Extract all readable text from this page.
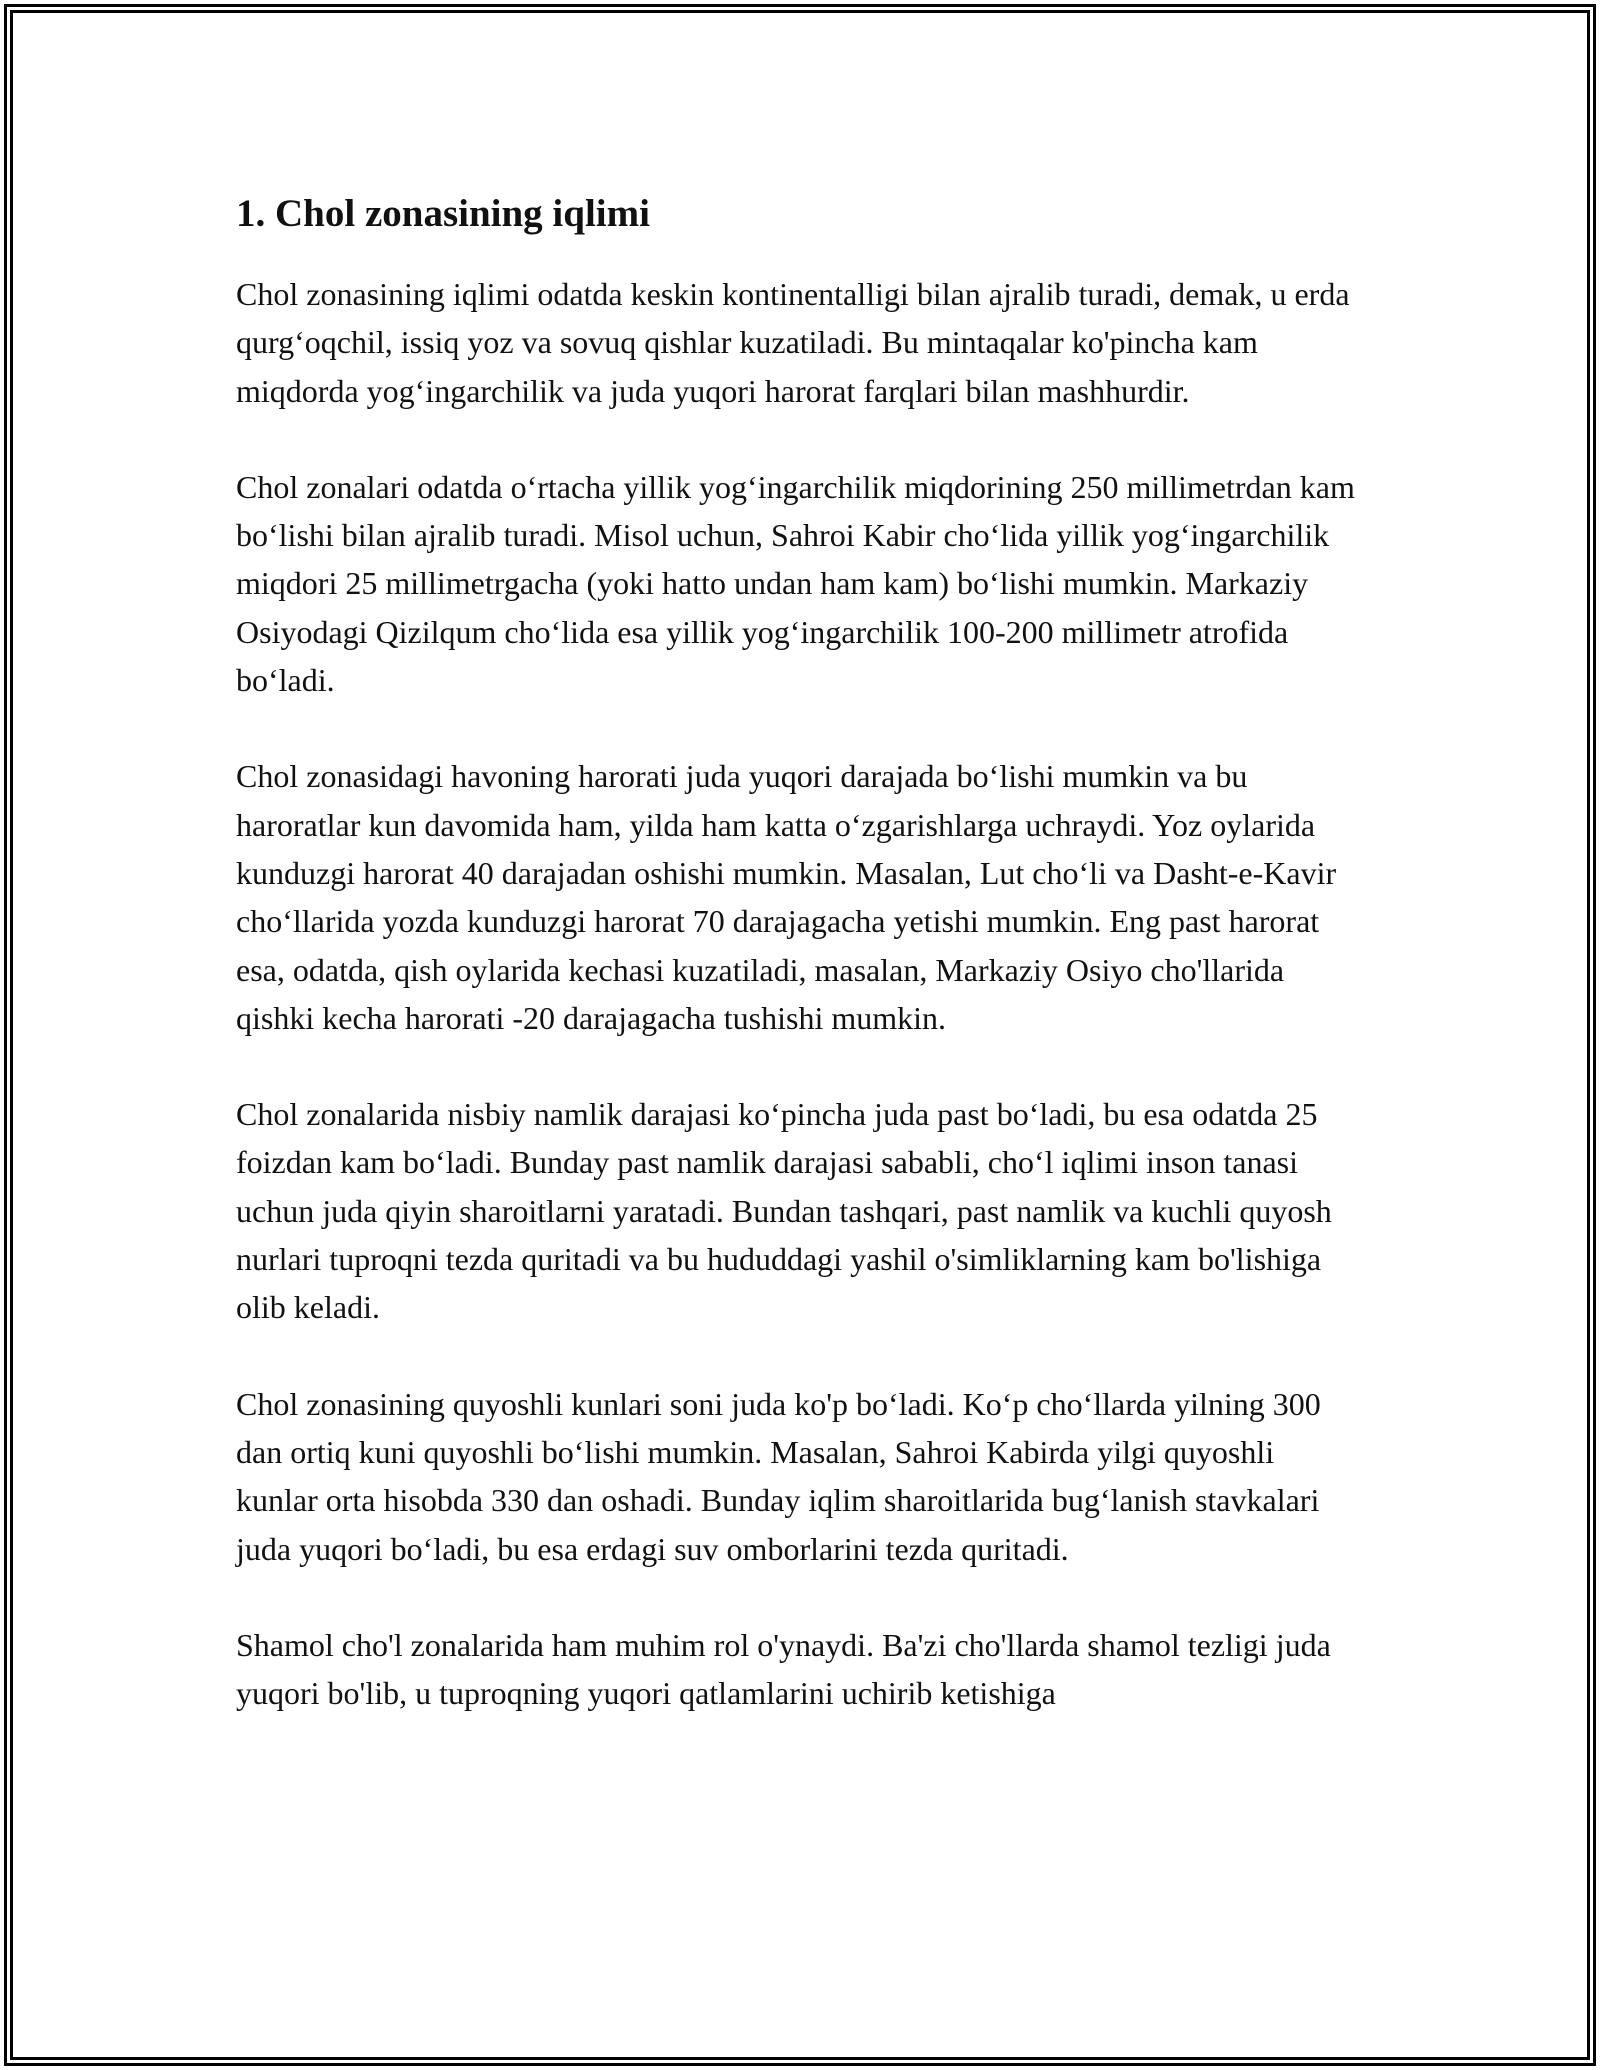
1. Chol zonasining iqlimi

Chol zonasining iqlimi odatda keskin kontinentalligi bilan ajralib turadi, demak, u erda qurg‘oqchil, issiq yoz va sovuq qishlar kuzatiladi. Bu mintaqalar ko'pincha kam miqdorda yog‘ingarchilik va juda yuqori harorat farqlari bilan mashhurdir.

Chol zonalari odatda o‘rtacha yillik yog‘ingarchilik miqdorining 250 millimetrdan kam bo‘lishi bilan ajralib turadi. Misol uchun, Sahroi Kabir cho‘lida yillik yog‘ingarchilik miqdori 25 millimetrgacha (yoki hatto undan ham kam) bo‘lishi mumkin. Markaziy Osiyodagi Qizilqum cho‘lida esa yillik yog‘ingarchilik 100-200 millimetr atrofida bo‘ladi.

Chol zonasidagi havoning harorati juda yuqori darajada bo‘lishi mumkin va bu haroratlar kun davomida ham, yilda ham katta o‘zgarishlarga uchraydi. Yoz oylarida kunduzgi harorat 40 darajadan oshishi mumkin. Masalan, Lut cho‘li va Dasht-e-Kavir cho‘llarida yozda kunduzgi harorat 70 darajagacha yetishi mumkin. Eng past harorat esa, odatda, qish oylarida kechasi kuzatiladi, masalan, Markaziy Osiyo cho'llarida qishki kecha harorati -20 darajagacha tushishi mumkin.

Chol zonalarida nisbiy namlik darajasi ko‘pincha juda past bo‘ladi, bu esa odatda 25 foizdan kam bo‘ladi. Bunday past namlik darajasi sababli, cho‘l iqlimi inson tanasi uchun juda qiyin sharoitlarni yaratadi. Bundan tashqari, past namlik va kuchli quyosh nurlari tuproqni tezda quritadi va bu hududdagi yashil o'simliklarning kam bo'lishiga olib keladi.

Chol zonasining quyoshli kunlari soni juda ko'p bo‘ladi. Ko‘p cho‘llarda yilning 300 dan ortiq kuni quyoshli bo‘lishi mumkin. Masalan, Sahroi Kabirda yilgi quyoshli kunlar orta hisobda 330 dan oshadi. Bunday iqlim sharoitlarida bug‘lanish stavkalari juda yuqori bo‘ladi, bu esa erdagi suv omborlarini tezda quritadi.

Shamol cho'l zonalarida ham muhim rol o'ynaydi. Ba'zi cho'llarda shamol tezligi juda yuqori bo'lib, u tuproqning yuqori qatlamlarini uchirib ketishiga
